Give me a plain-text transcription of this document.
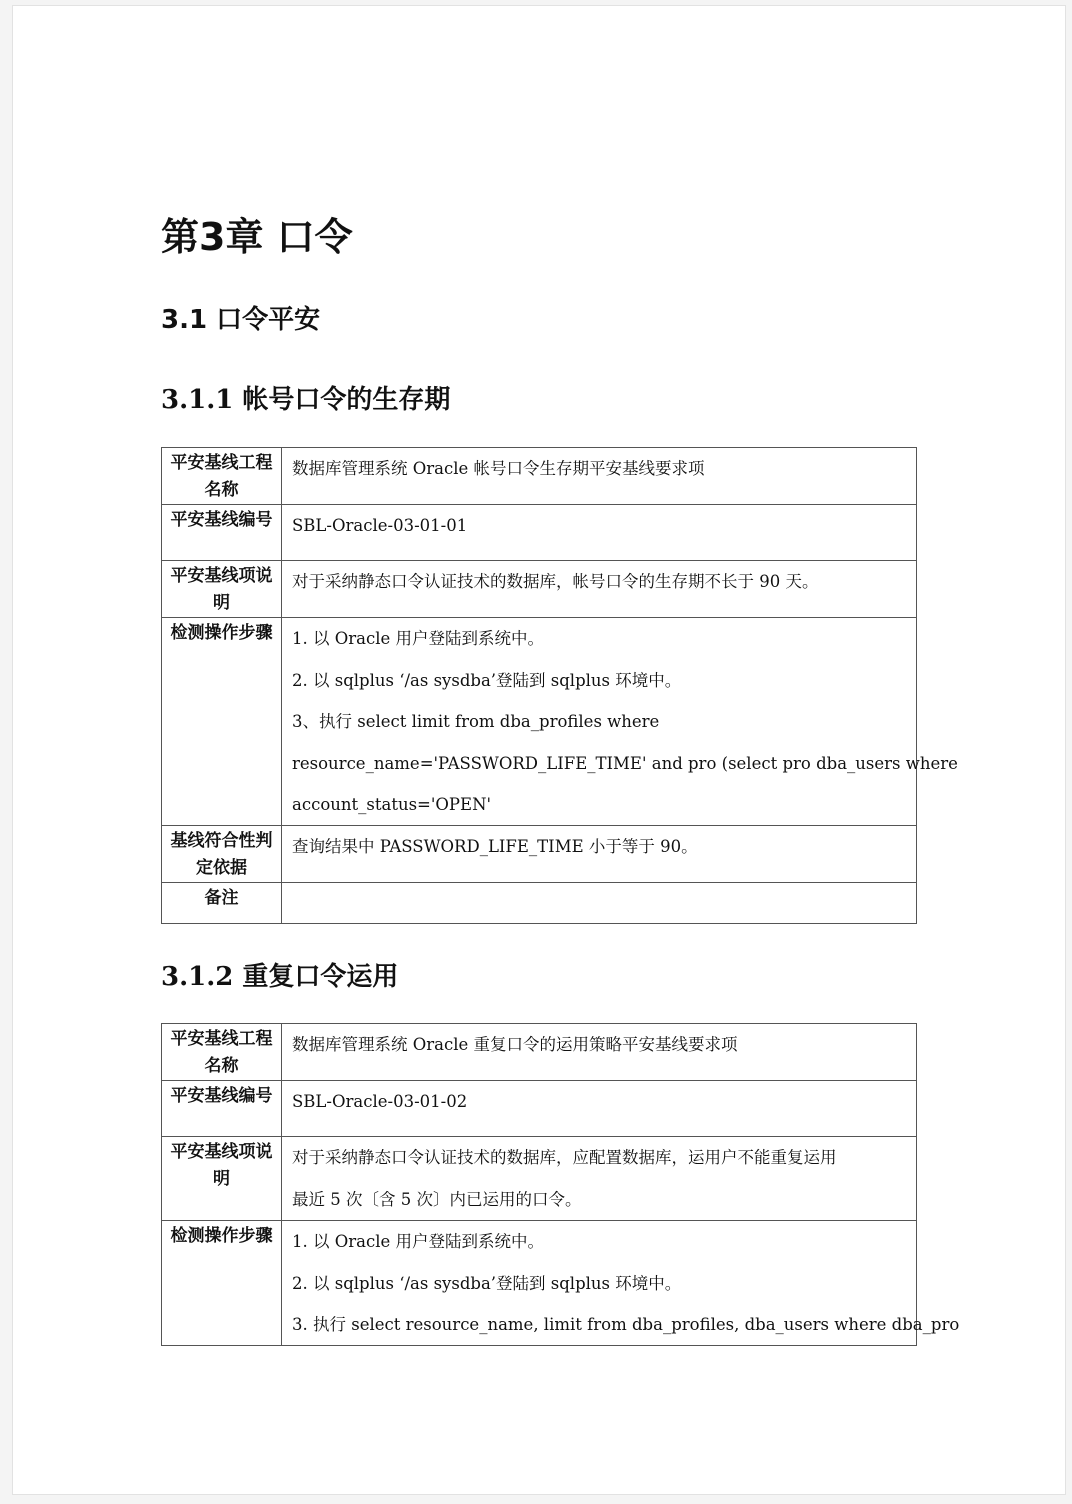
第3章 口令
3.1 口令平安
3.1.1 帐号口令的生存期
平安基线工程名称	数据库管理系统 Oracle 帐号口令生存期平安基线要求项

平安基线编号	SBL-Oracle-03-01-01

平安基线项说明	对于采纳静态口令认证技术的数据库，帐号口令的生存期不长于 90 天。

检测操作步骤	1. 以 Oracle 用户登陆到系统中。
2. 以 sqlplus ‘/as sysdba’登陆到 sqlplus 环境中。
3、执行 select limit from dba_profiles where
resource_name='PASSWORD_LIFE_TIME' and pro (select pro dba_users where
account_status='OPEN'

基线符合性判定依据	查询结果中 PASSWORD_LIFE_TIME 小于等于 90。

备注	
3.1.2 重复口令运用
平安基线工程名称	数据库管理系统 Oracle 重复口令的运用策略平安基线要求项

平安基线编号	SBL-Oracle-03-01-02

平安基线项说明	对于采纳静态口令认证技术的数据库，应配置数据库，运用户不能重复运用
最近 5 次〔含 5 次〕内已运用的口令。

检测操作步骤	1. 以 Oracle 用户登陆到系统中。
2. 以 sqlplus ‘/as sysdba’登陆到 sqlplus 环境中。
3. 执行 select resource_name, limit from dba_profiles, dba_users where dba_pro
